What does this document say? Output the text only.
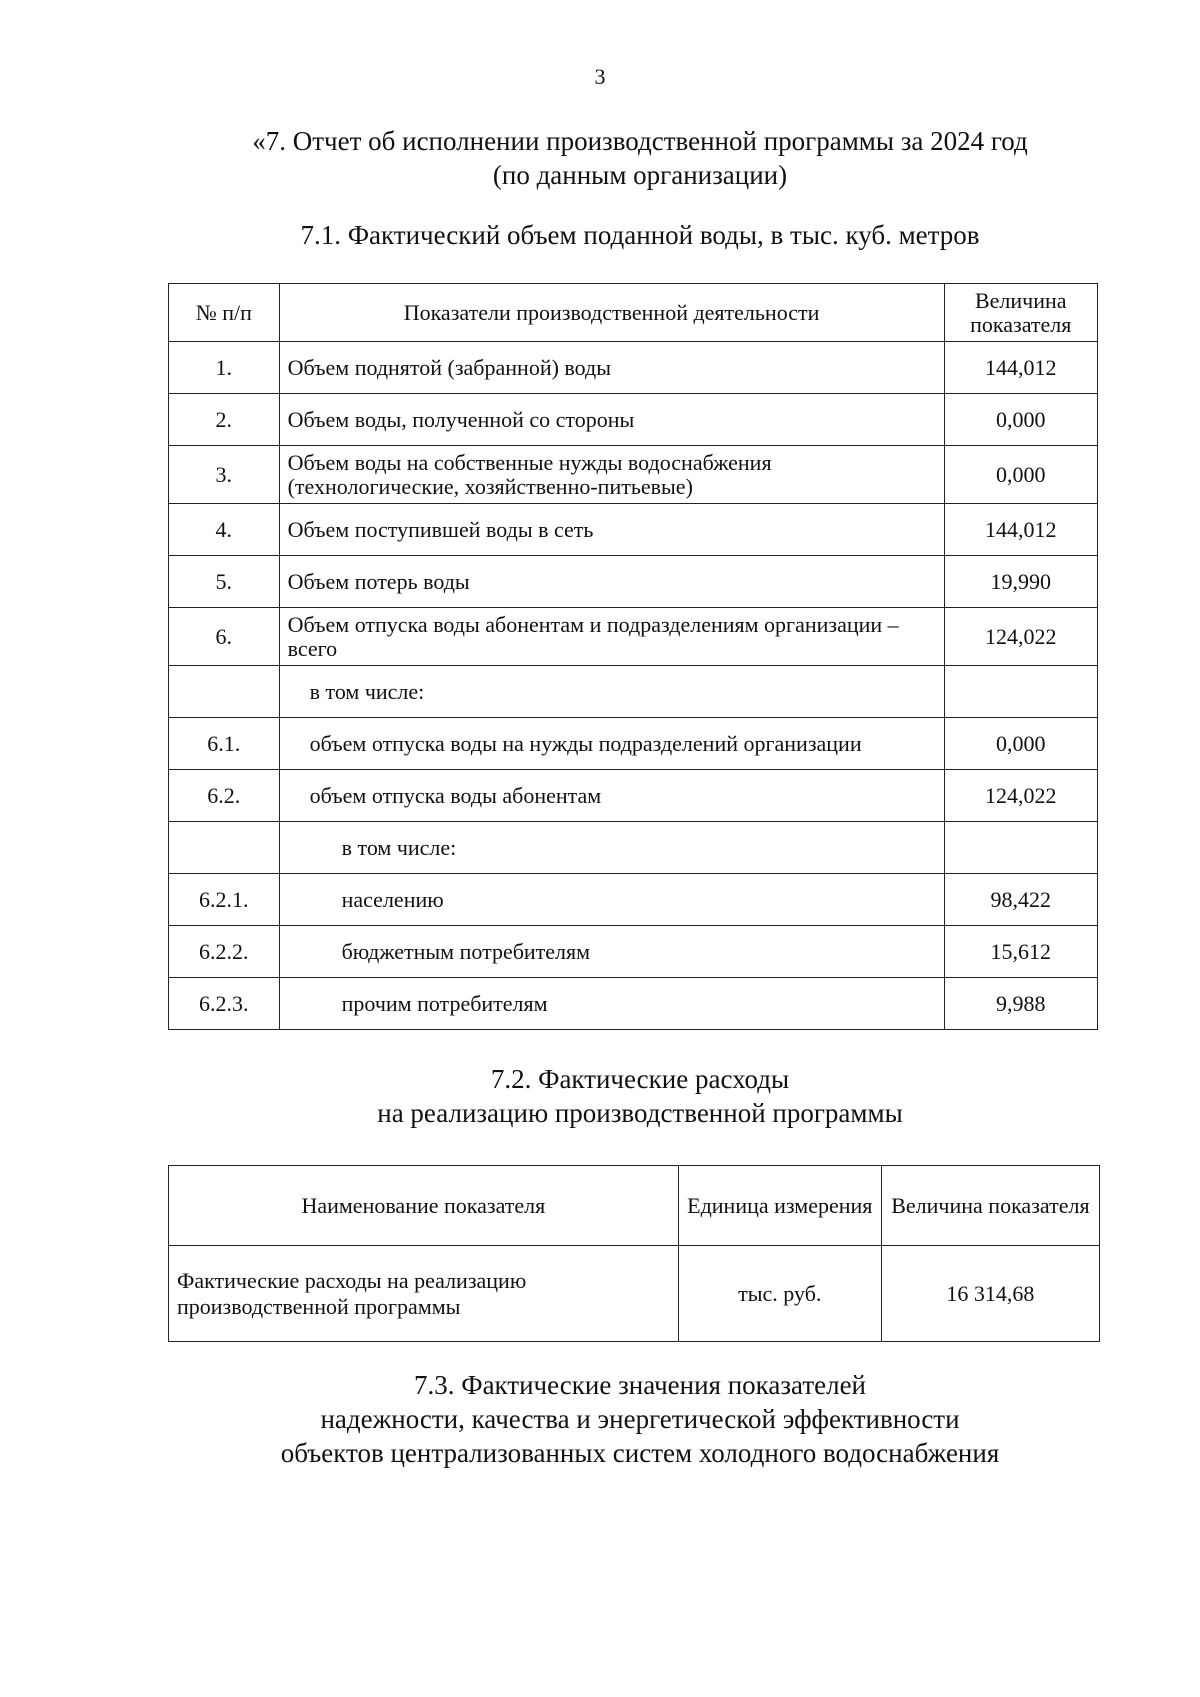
3
«7. Отчет об исполнении производственной программы за 2024 год
(по данным организации)
7.1. Фактический объем поданной воды, в тыс. куб. метров
№ п/п	Показатели производственной деятельности	Величина показателя
1.	Объем поднятой (забранной) воды	144,012
2.	Объем воды, полученной со стороны	0,000
3.	Объем воды на собственные нужды водоснабжения (технологические, хозяйственно-питьевые)	0,000
4.	Объем поступившей воды в сеть	144,012
5.	Объем потерь воды	19,990
6.	Объем отпуска воды абонентам и подразделениям организации – всего	124,022
	в том числе:	
6.1.	объем отпуска воды на нужды подразделений организации	0,000
6.2.	объем отпуска воды абонентам	124,022
	в том числе:	
6.2.1.	населению	98,422
6.2.2.	бюджетным потребителям	15,612
6.2.3.	прочим потребителям	9,988
7.2. Фактические расходы
на реализацию производственной программы
Наименование показателя	Единица измерения	Величина показателя
Фактические расходы на реализацию производственной программы	тыс. руб.	16 314,68
7.3. Фактические значения показателей
надежности, качества и энергетической эффективности
объектов централизованных систем холодного водоснабжения
